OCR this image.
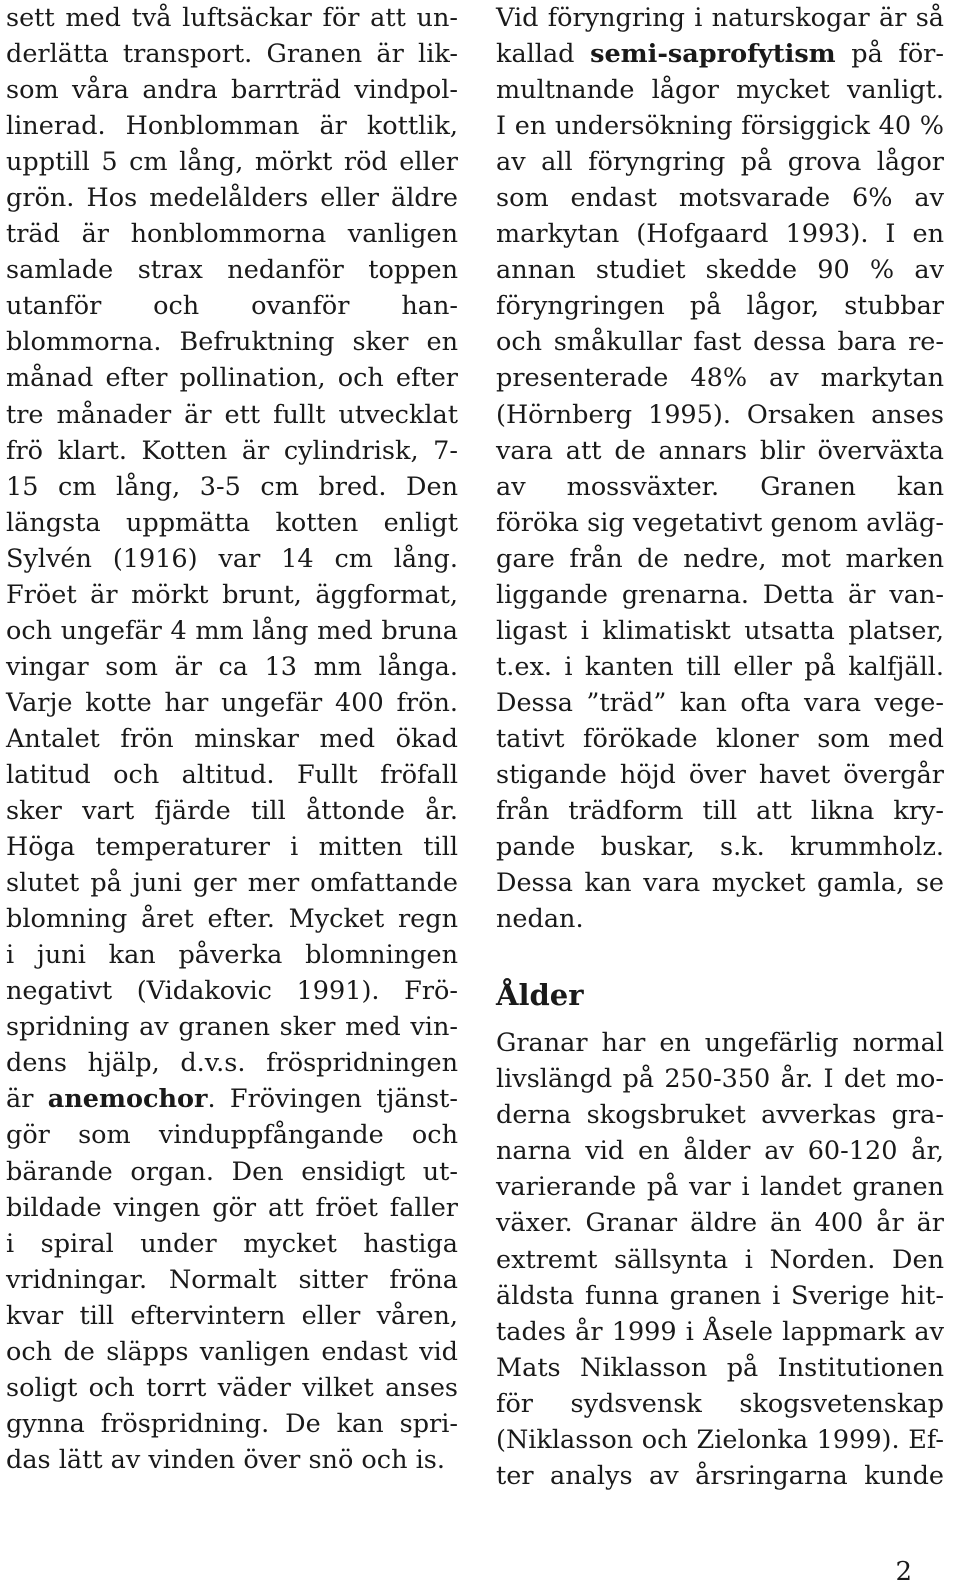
sett med två luftsäckar för att un-
derlätta transport. Granen är lik-
som våra andra barrträd vindpol-
linerad. Honblomman är kottlik,
upptill 5 cm lång, mörkt röd eller
grön. Hos medelålders eller äldre
träd är honblommorna vanligen
samlade strax nedanför toppen
utanför och ovanför han-
blommorna. Befruktning sker en
månad efter pollination, och efter
tre månader är ett fullt utvecklat
frö klart. Kotten är cylindrisk, 7-
15 cm lång, 3-5 cm bred. Den
längsta uppmätta kotten enligt
Sylvén (1916) var 14 cm lång.
Fröet är mörkt brunt, äggformat,
och ungefär 4 mm lång med bruna
vingar som är ca 13 mm långa.
Varje kotte har ungefär 400 frön.
Antalet frön minskar med ökad
latitud och altitud. Fullt fröfall
sker vart fjärde till åttonde år.
Höga temperaturer i mitten till
slutet på juni ger mer omfattande
blomning året efter. Mycket regn
i juni kan påverka blomningen
negativt (Vidakovic 1991). Frö-
spridning av granen sker med vin-
dens hjälp, d.v.s. fröspridningen
är anemochor. Frövingen tjänst-
gör som vinduppfångande och
bärande organ. Den ensidigt ut-
bildade vingen gör att fröet faller
i spiral under mycket hastiga
vridningar. Normalt sitter fröna
kvar till eftervintern eller våren,
och de släpps vanligen endast vid
soligt och torrt väder vilket anses
gynna fröspridning. De kan spri-
das lätt av vinden över snö och is.
Vid föryngring i naturskogar är så
kallad semi-saprofytism på för-
multnande lågor mycket vanligt.
I en undersökning försiggick 40 %
av all föryngring på grova lågor
som endast motsvarade 6% av
markytan (Hofgaard 1993). I en
annan studiet skedde 90 % av
föryngringen på lågor, stubbar
och småkullar fast dessa bara re-
presenterade 48% av markytan
(Hörnberg 1995). Orsaken anses
vara att de annars blir överväxta
av mossväxter. Granen kan
föröka sig vegetativt genom avläg-
gare från de nedre, mot marken
liggande grenarna. Detta är van-
ligast i klimatiskt utsatta platser,
t.ex. i kanten till eller på kalfjäll.
Dessa ”träd” kan ofta vara vege-
tativt förökade kloner som med
stigande höjd över havet övergår
från trädform till att likna kry-
pande buskar, s.k. krummholz.
Dessa kan vara mycket gamla, se
nedan.
Ålder
Granar har en ungefärlig normal
livslängd på 250-350 år. I det mo-
derna skogsbruket avverkas gra-
narna vid en ålder av 60-120 år,
varierande på var i landet granen
växer. Granar äldre än 400 år är
extremt sällsynta i Norden. Den
äldsta funna granen i Sverige hit-
tades år 1999 i Åsele lappmark av
Mats Niklasson på Institutionen
för sydsvensk skogsvetenskap
(Niklasson och Zielonka 1999). Ef-
ter analys av årsringarna kunde
2
